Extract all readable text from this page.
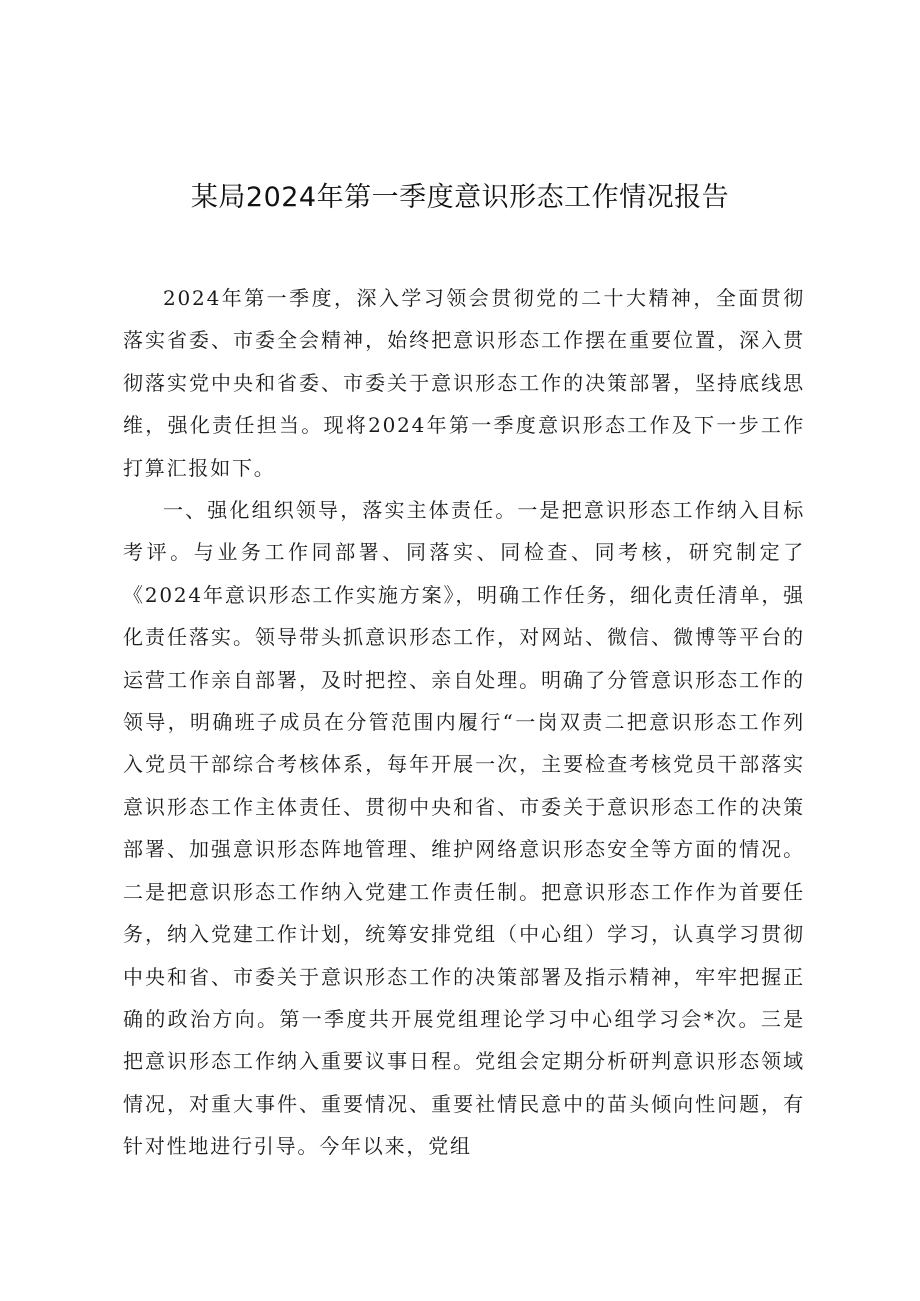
某局2024年第一季度意识形态工作情况报告

2024年第一季度，深入学习领会贯彻党的二十大精神，全面贯彻落实省委、市委全会精神，始终把意识形态工作摆在重要位置，深入贯彻落实党中央和省委、市委关于意识形态工作的决策部署，坚持底线思维，强化责任担当。现将2024年第一季度意识形态工作及下一步工作打算汇报如下。

一、强化组织领导，落实主体责任。一是把意识形态工作纳入目标考评。与业务工作同部署、同落实、同检查、同考核，研究制定了《2024年意识形态工作实施方案》，明确工作任务，细化责任清单，强化责任落实。领导带头抓意识形态工作，对网站、微信、微博等平台的运营工作亲自部署，及时把控、亲自处理。明确了分管意识形态工作的领导，明确班子成员在分管范围内履行“一岗双责二把意识形态工作列入党员干部综合考核体系，每年开展一次，主要检查考核党员干部落实意识形态工作主体责任、贯彻中央和省、市委关于意识形态工作的决策部署、加强意识形态阵地管理、维护网络意识形态安全等方面的情况。二是把意识形态工作纳入党建工作责任制。把意识形态工作作为首要任务，纳入党建工作计划，统筹安排党组（中心组）学习，认真学习贯彻中央和省、市委关于意识形态工作的决策部署及指示精神，牢牢把握正确的政治方向。第一季度共开展党组理论学习中心组学习会*次。三是把意识形态工作纳入重要议事日程。党组会定期分析研判意识形态领域情况，对重大事件、重要情况、重要社情民意中的苗头倾向性问题，有针对性地进行引导。今年以来，党组
